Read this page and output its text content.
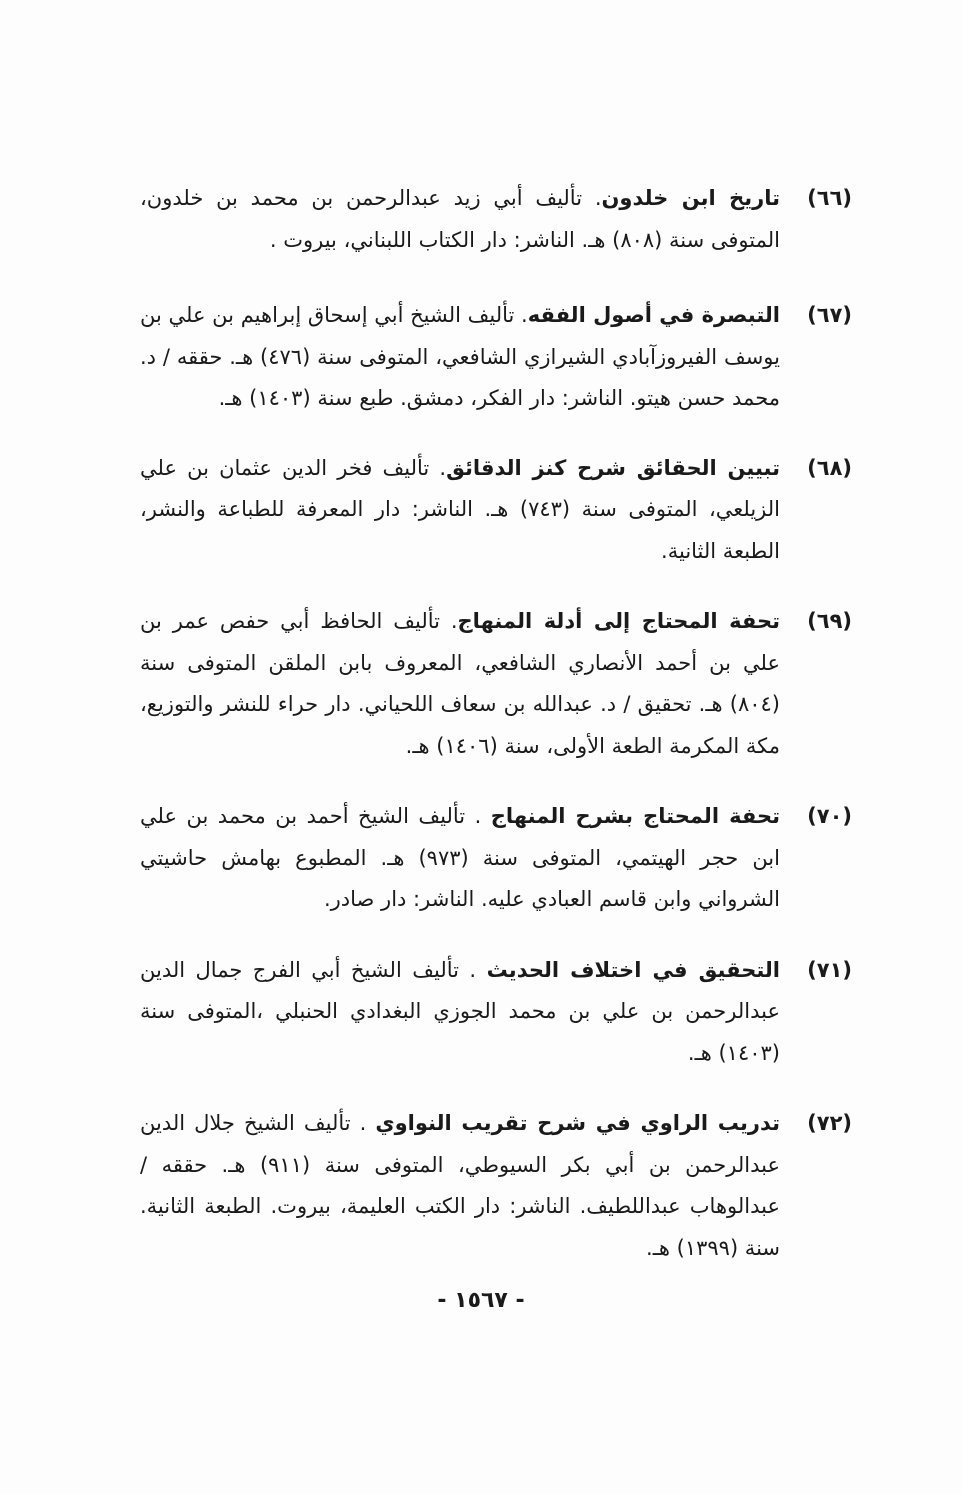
(٦٦)
تاريخ ابن خلدون. تأليف أبي زيد عبدالرحمن بن محمد بن خلدون، المتوفى سنة (٨٠٨) هـ. الناشر: دار الكتاب اللبناني، بيروت .

(٦٧)
التبصرة في أصول الفقه. تأليف الشيخ أبي إسحاق إبراهيم بن علي بن يوسف الفيروزآبادي الشيرازي الشافعي، المتوفى سنة (٤٧٦) هـ. حققه / د. محمد حسن هيتو. الناشر: دار الفكر، دمشق. طبع سنة (١٤٠٣) هـ.

(٦٨)
تبيين الحقائق شرح كنز الدقائق. تأليف فخر الدين عثمان بن علي الزيلعي، المتوفى سنة (٧٤٣) هـ. الناشر: دار المعرفة للطباعة والنشر، الطبعة الثانية.

(٦٩)
تحفة المحتاج إلى أدلة المنهاج. تأليف الحافظ أبي حفص عمر بن علي بن أحمد الأنصاري الشافعي، المعروف بابن الملقن المتوفى سنة (٨٠٤) هـ. تحقيق / د. عبدالله بن سعاف اللحياني. دار حراء للنشر والتوزيع، مكة المكرمة الطعة الأولى، سنة (١٤٠٦) هـ.

(٧٠)
تحفة المحتاج بشرح المنهاج . تأليف الشيخ أحمد بن محمد بن علي ابن حجر الهيتمي، المتوفى سنة (٩٧٣) هـ. المطبوع بهامش حاشيتي الشرواني وابن قاسم العبادي عليه. الناشر: دار صادر.

(٧١)
التحقيق في اختلاف الحديث . تأليف الشيخ أبي الفرج جمال الدين عبدالرحمن بن علي بن محمد الجوزي البغدادي الحنبلي ،المتوفى سنة (١٤٠٣) هـ.

(٧٢)
تدريب الراوي في شرح تقريب النواوي . تأليف الشيخ جلال الدين عبدالرحمن بن أبي بكر السيوطي، المتوفى سنة (٩١١) هـ. حققه / عبدالوهاب عبداللطيف. الناشر: دار الكتب العليمة، بيروت. الطبعة الثانية. سنة (١٣٩٩) هـ.

- ١٥٦٧ -
